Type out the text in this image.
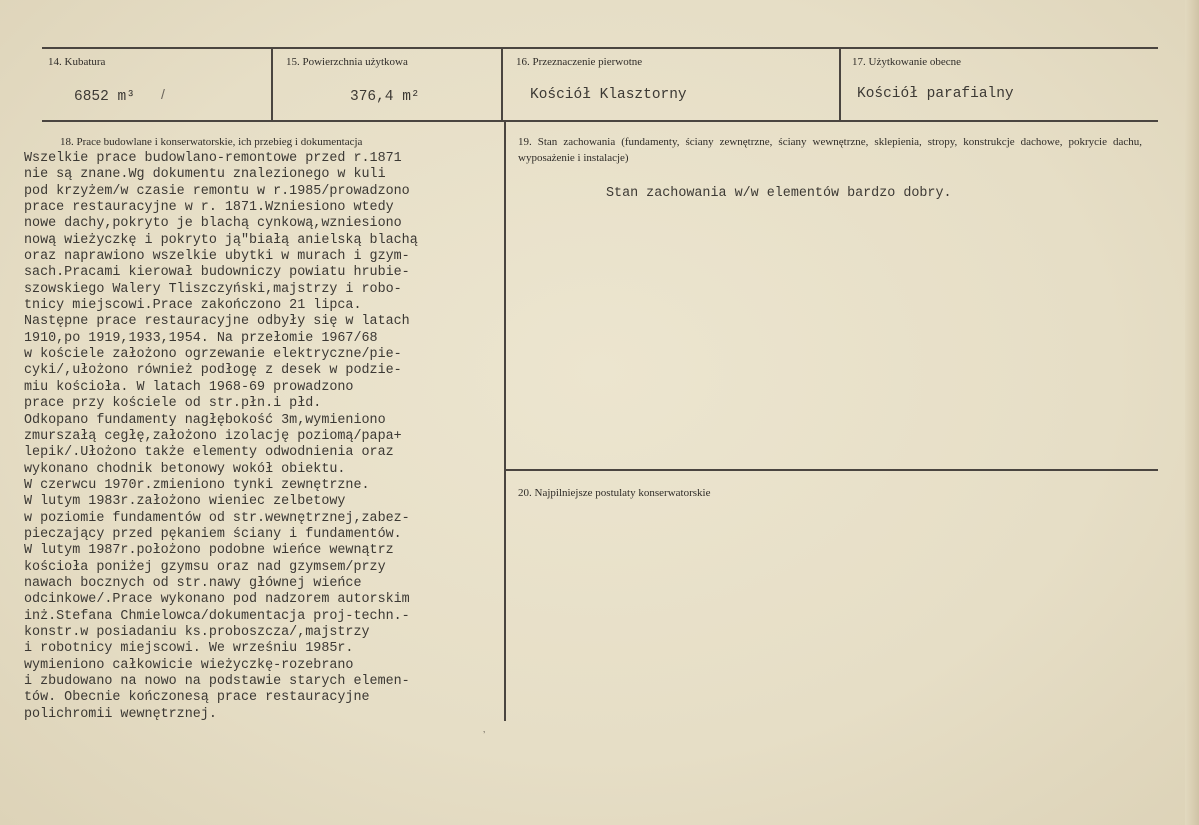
14. Kubatura
6852 m³ /
15. Powierzchnia użytkowa
376,4 m²
16. Przeznaczenie pierwotne
Kościół Klasztorny
17. Użytkowanie obecne
Kościół parafialny
18. Prace budowlane i konserwatorskie, ich przebieg i dokumentacja
Wszelkie prace budowlano-remontowe przed r.1871
nie są znane.Wg dokumentu znalezionego w kuli
pod krzyżem/w czasie remontu w r.1985/prowadzono
prace restauracyjne w r. 1871.Wzniesiono wtedy
nowe dachy,pokryto je blachą cynkową,wzniesiono
nową wieżyczkę i pokryto ją"białą anielską blachą
oraz naprawiono wszelkie ubytki w murach i gzym-
sach.Pracami kierował budowniczy powiatu hrubie-
szowskiego Walery Tliszczyński,majstrzy i robo-
tnicy miejscowi.Prace zakończono 21 lipca.
Następne prace restauracyjne odbyły się w latach
1910,po 1919,1933,1954. Na przełomie 1967/68
w kościele założono ogrzewanie elektryczne/pie-
cyki/,ułożono również podłogę z desek w podzie-
miu kościoła. W latach 1968-69 prowadzono
prace przy kościele od str.płn.i płd.
Odkopano fundamenty nagłębokość 3m,wymieniono
zmurszałą cegłę,założono izolację poziomą/papa+
lepik/.Ułożono także elementy odwodnienia oraz
wykonano chodnik betonowy wokół obiektu.
W czerwcu 1970r.zmieniono tynki zewnętrzne.
W lutym 1983r.założono wieniec zelbetowy
w poziomie fundamentów od str.wewnętrznej,zabez-
pieczający przed pękaniem ściany i fundamentów.
W lutym 1987r.położono podobne wieńce wewnątrz
kościoła poniżej gzymsu oraz nad gzymsem/przy
nawach bocznych od str.nawy głównej wieńce
odcinkowe/.Prace wykonano pod nadzorem autorskim
inż.Stefana Chmielowca/dokumentacja proj-techn.-
konstr.w posiadaniu ks.proboszcza/,majstrzy
i robotnicy miejscowi. We wrześniu 1985r.
wymieniono całkowicie wieżyczkę-rozebrano
i zbudowano na nowo na podstawie starych elemen-
tów. Obecnie kończonesą prace restauracyjne
polichromii wewnętrznej.
19. Stan zachowania (fundamenty, ściany zewnętrzne, ściany wewnętrzne, sklepienia, stropy, konstrukcje dachowe, pokrycie dachu, wyposażenie i instalacje)
Stan zachowania w/w elementów bardzo dobry.
20. Najpilniejsze postulaty konserwatorskie
’
